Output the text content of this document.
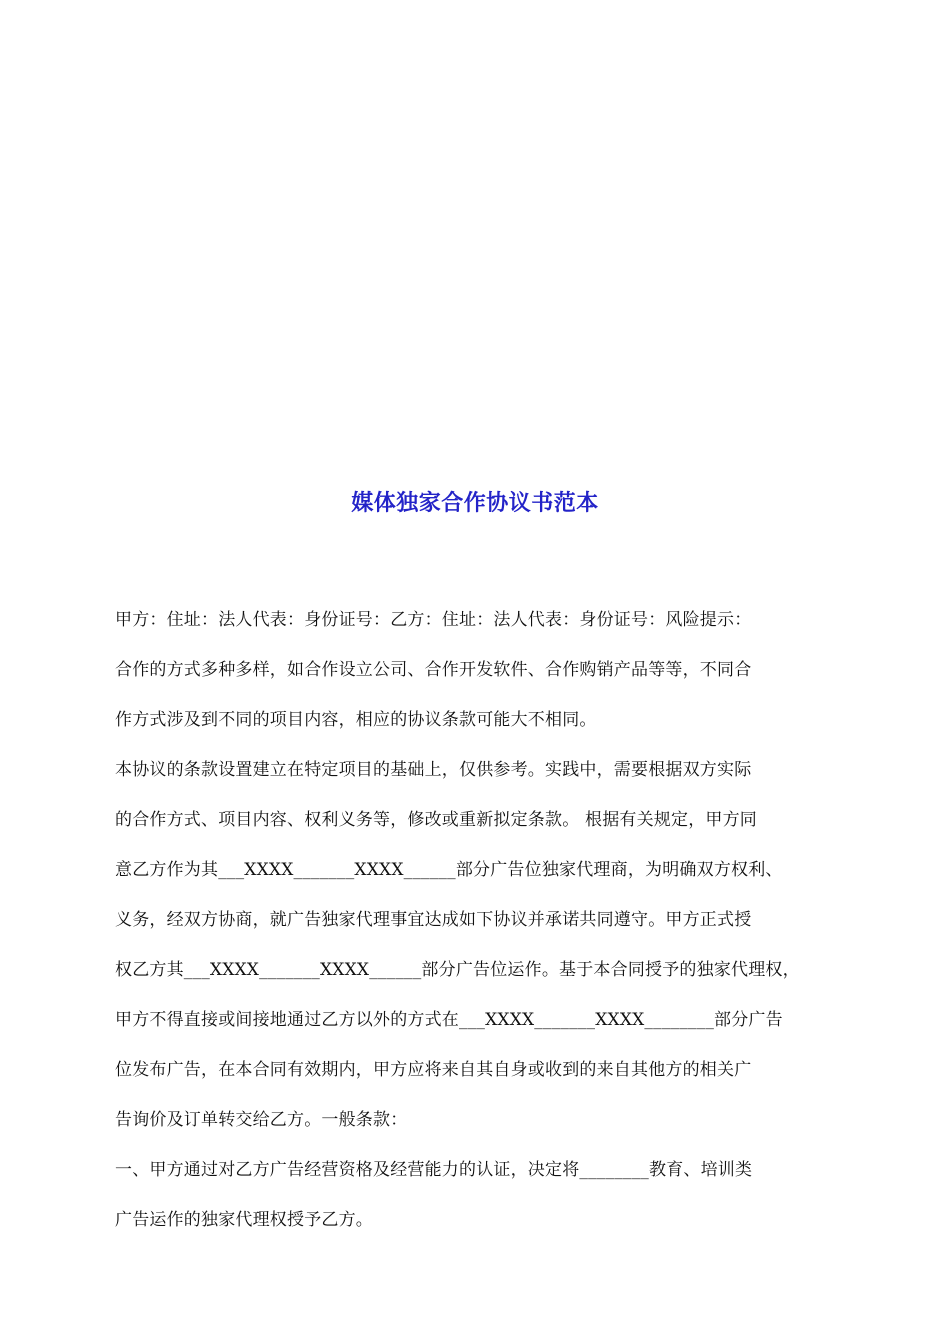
媒体独家合作协议书范本
甲方：住址：法人代表：身份证号：乙方：住址：法人代表：身份证号：风险提示：
合作的方式多种多样，如合作设立公司、合作开发软件、合作购销产品等等，不同合
作方式涉及到不同的项目内容，相应的协议条款可能大不相同。
本协议的条款设置建立在特定项目的基础上，仅供参考。实践中，需要根据双方实际
的合作方式、项目内容、权利义务等，修改或重新拟定条款。 根据有关规定，甲方同
意乙方作为其___XXXX_______XXXX______部分广告位独家代理商，为明确双方权利、
义务，经双方协商，就广告独家代理事宜达成如下协议并承诺共同遵守。甲方正式授
权乙方其___XXXX_______XXXX______部分广告位运作。基于本合同授予的独家代理权，
甲方不得直接或间接地通过乙方以外的方式在___XXXX_______XXXX________部分广告
位发布广告，在本合同有效期内，甲方应将来自其自身或收到的来自其他方的相关广
告询价及订单转交给乙方。一般条款：
一、甲方通过对乙方广告经营资格及经营能力的认证，决定将________教育、培训类
广告运作的独家代理权授予乙方。
